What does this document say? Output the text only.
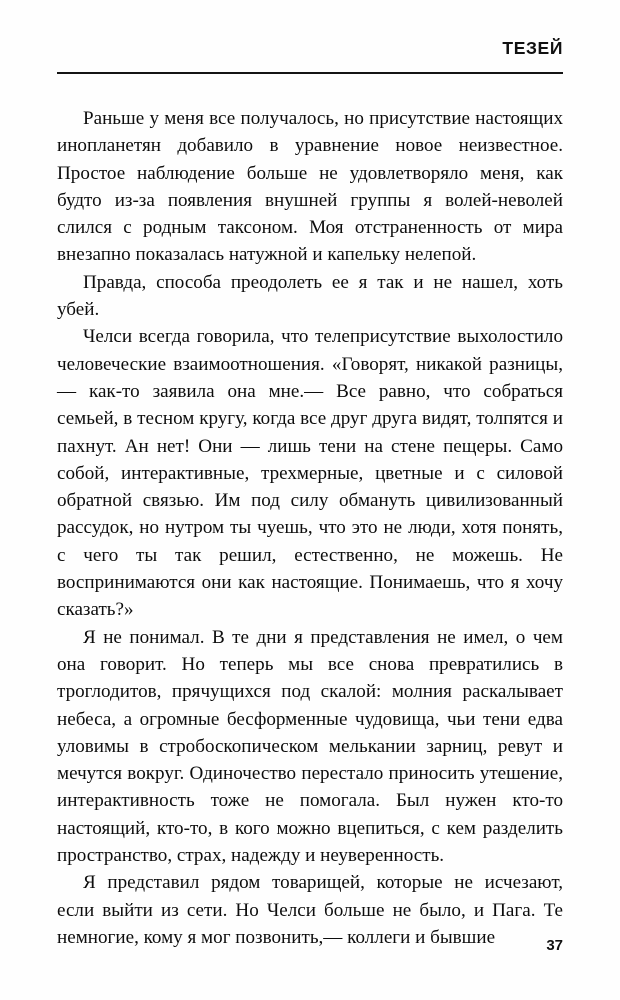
ТЕЗЕЙ

Раньше у меня все получалось, но присутствие настоящих инопланетян добавило в уравнение новое неизвестное. Простое наблюдение больше не удовлетворяло меня, как будто из-за появления внушней группы я волей-неволей слился с родным таксоном. Моя отстраненность от мира внезапно показалась натужной и капельку нелепой.

Правда, способа преодолеть ее я так и не нашел, хоть убей.

Челси всегда говорила, что телеприсутствие выхолостило человеческие взаимоотношения. «Говорят, никакой разницы,— как-то заявила она мне.— Все равно, что собраться семьей, в тесном кругу, когда все друг друга видят, толпятся и пахнут. Ан нет! Они — лишь тени на стене пещеры. Само собой, интерактивные, трехмерные, цветные и с силовой обратной связью. Им под силу обмануть цивилизованный рассудок, но нутром ты чуешь, что это не люди, хотя понять, с чего ты так решил, естественно, не можешь. Не воспринимаются они как настоящие. Понимаешь, что я хочу сказать?»

Я не понимал. В те дни я представления не имел, о чем она говорит. Но теперь мы все снова превратились в троглодитов, прячущихся под скалой: молния раскалывает небеса, а огромные бесформенные чудовища, чьи тени едва уловимы в стробоскопическом мелькании зарниц, ревут и мечутся вокруг. Одиночество перестало приносить утешение, интерактивность тоже не помогала. Был нужен кто-то настоящий, кто-то, в кого можно вцепиться, с кем разделить пространство, страх, надежду и неуверенность.

Я представил рядом товарищей, которые не исчезают, если выйти из сети. Но Челси больше не было, и Пага. Те немногие, кому я мог позвонить,— коллеги и бывшие	37
